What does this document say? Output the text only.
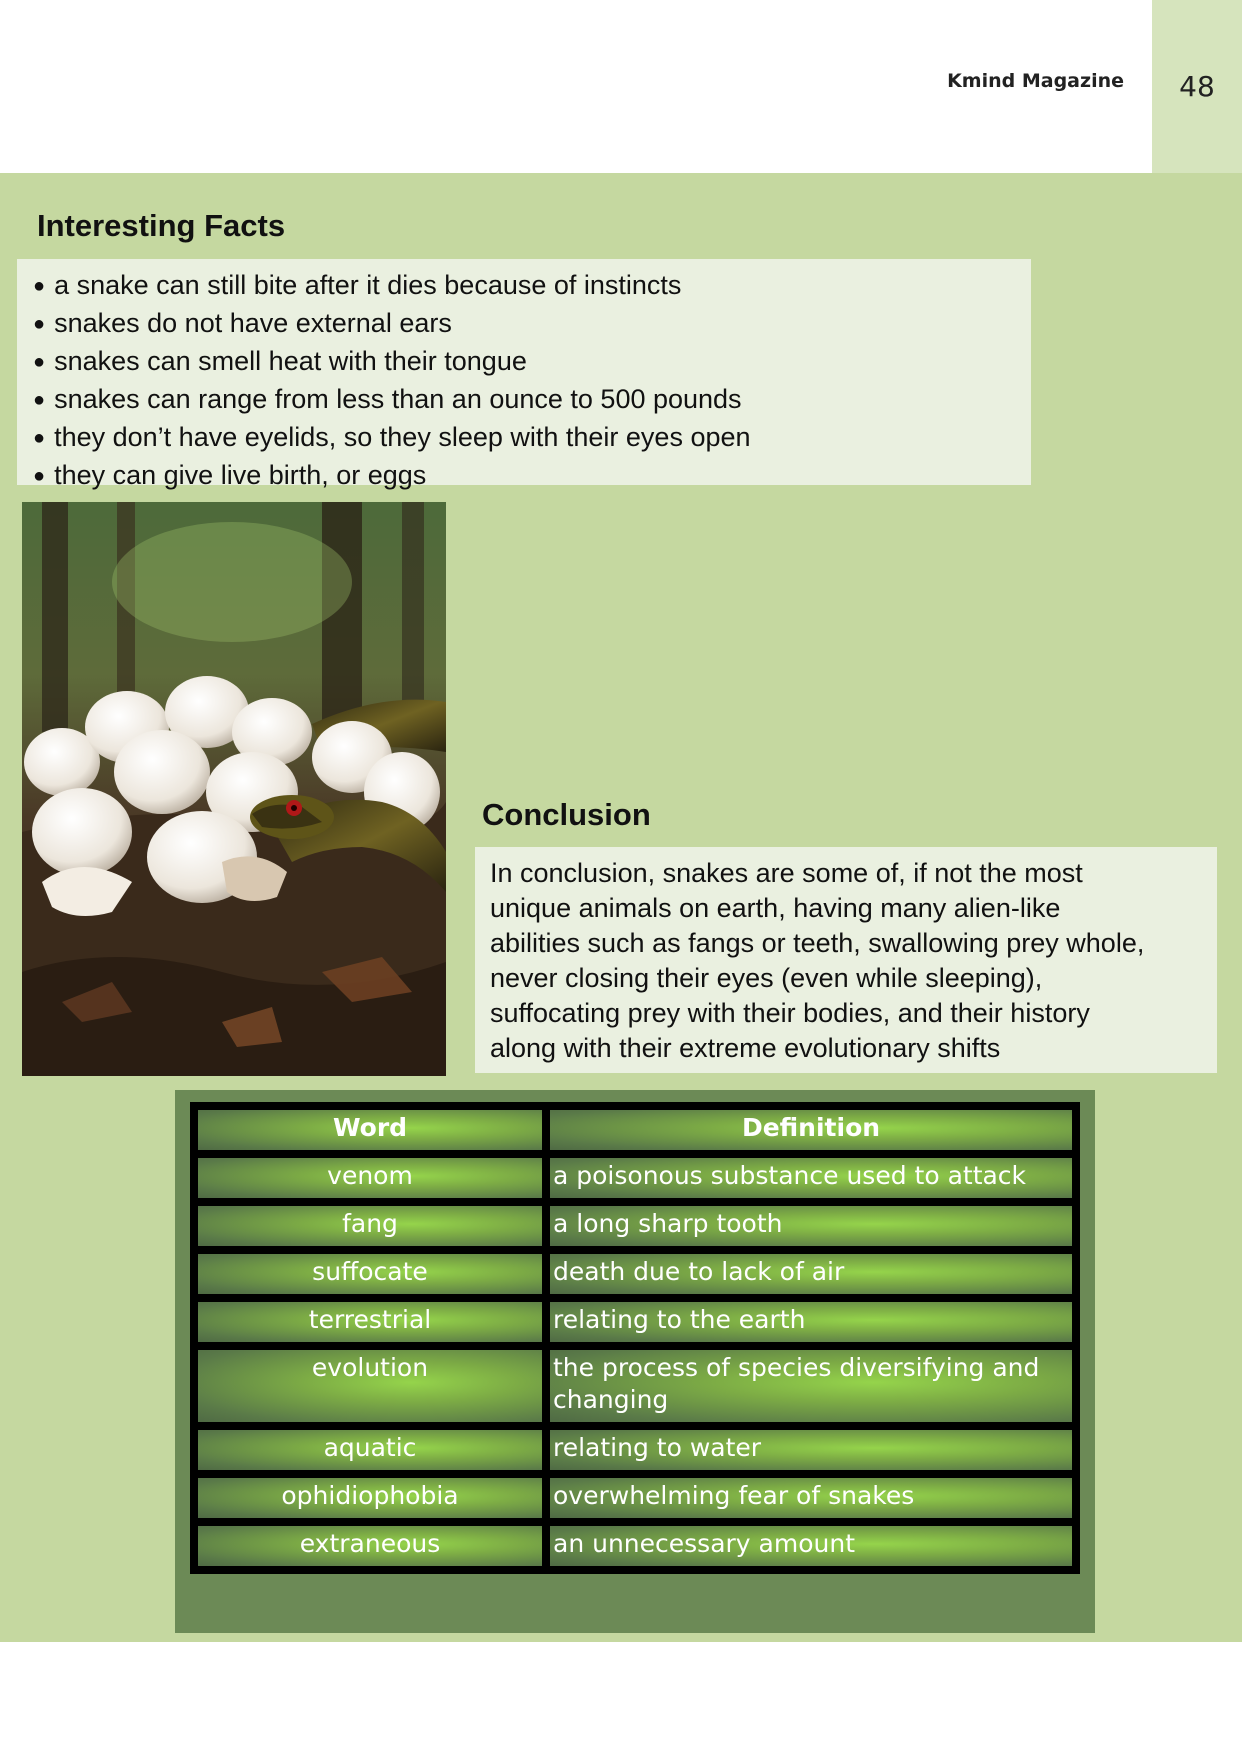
Kmind Magazine	48
Interesting Facts
● a snake can still bite after it dies because of instincts
● snakes do not have external ears
● snakes can smell heat with their tongue
● snakes can range from less than an ounce to 500 pounds
● they don’t have eyelids, so they sleep with their eyes open
● they can give live birth, or eggs
Conclusion
In conclusion, snakes are some of, if not the most
unique animals on earth, having many alien-like
abilities such as fangs or teeth, swallowing prey whole,
never closing their eyes (even while sleeping),
suffocating prey with their bodies, and their history
along with their extreme evolutionary shifts
Word	Definition
venom	a poisonous substance used to attack
fang	a long sharp tooth
suffocate	death due to lack of air
terrestrial	relating to the earth
evolution	the process of species diversifying and changing
aquatic	relating to water
ophidiophobia	overwhelming fear of snakes
extraneous	an unnecessary amount
